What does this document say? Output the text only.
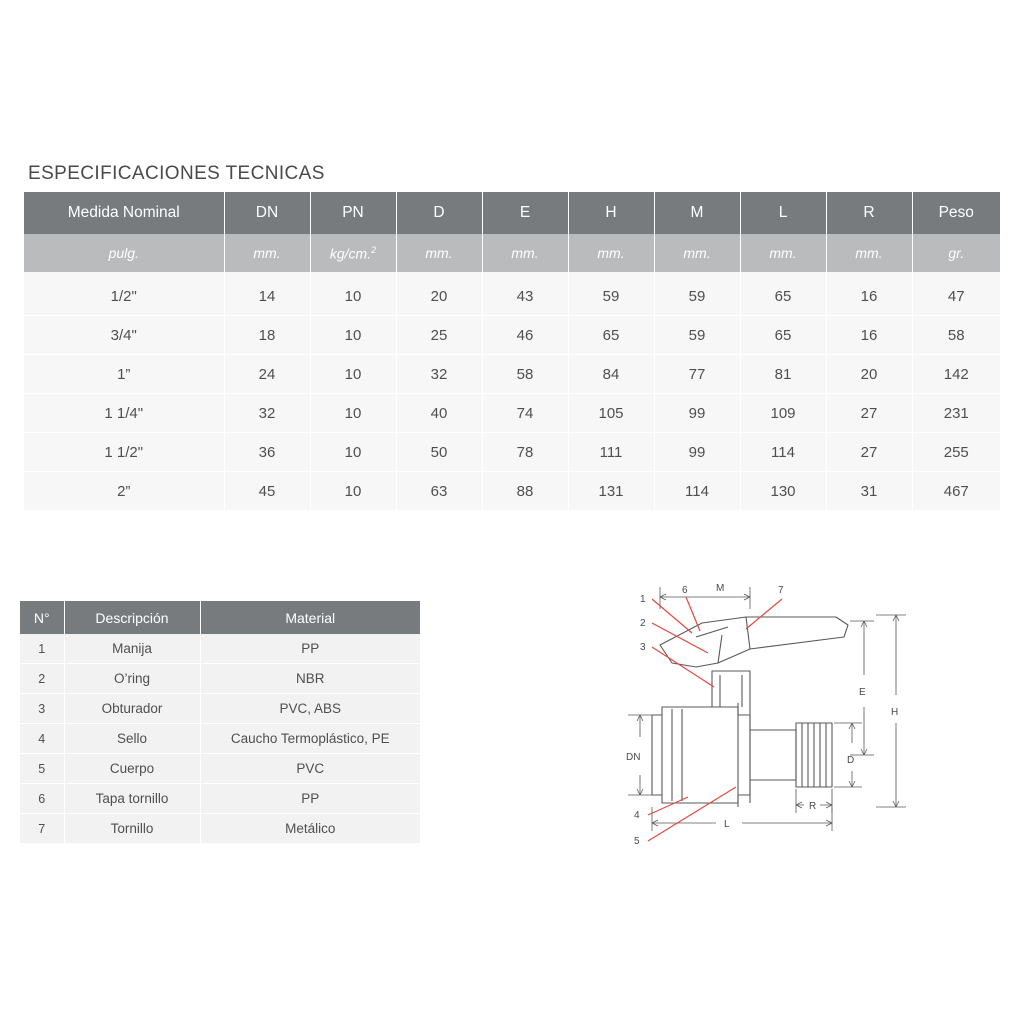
ESPECIFICACIONES TECNICAS
Medida Nominal	DN	PN	D	E	H	M	L	R	Peso
pulg.	mm.	kg/cm.$^2$	mm.	mm.	mm.	mm.	mm.	mm.	gr.
1/2"	14	10	20	43	59	59	65	16	47
3/4"	18	10	25	46	65	59	65	16	58
1”	24	10	32	58	84	77	81	20	142
1 1/4"	32	10	40	74	105	99	109	27	231
1 1/2"	36	10	50	78	111	99	114	27	255
2”	45	10	63	88	131	114	130	31	467
N°	Descripción	Material
1	Manija	PP
2	O’ring	NBR
3	Obturador	PVC, ABS
4	Sello	Caucho Termoplástico, PE
5	Cuerpo	PVC
6	Tapa tornillo	PP
7	Tornillo	Metálico
1
2
3
4
5
6	7
M
DN
E
D
H
L
R
